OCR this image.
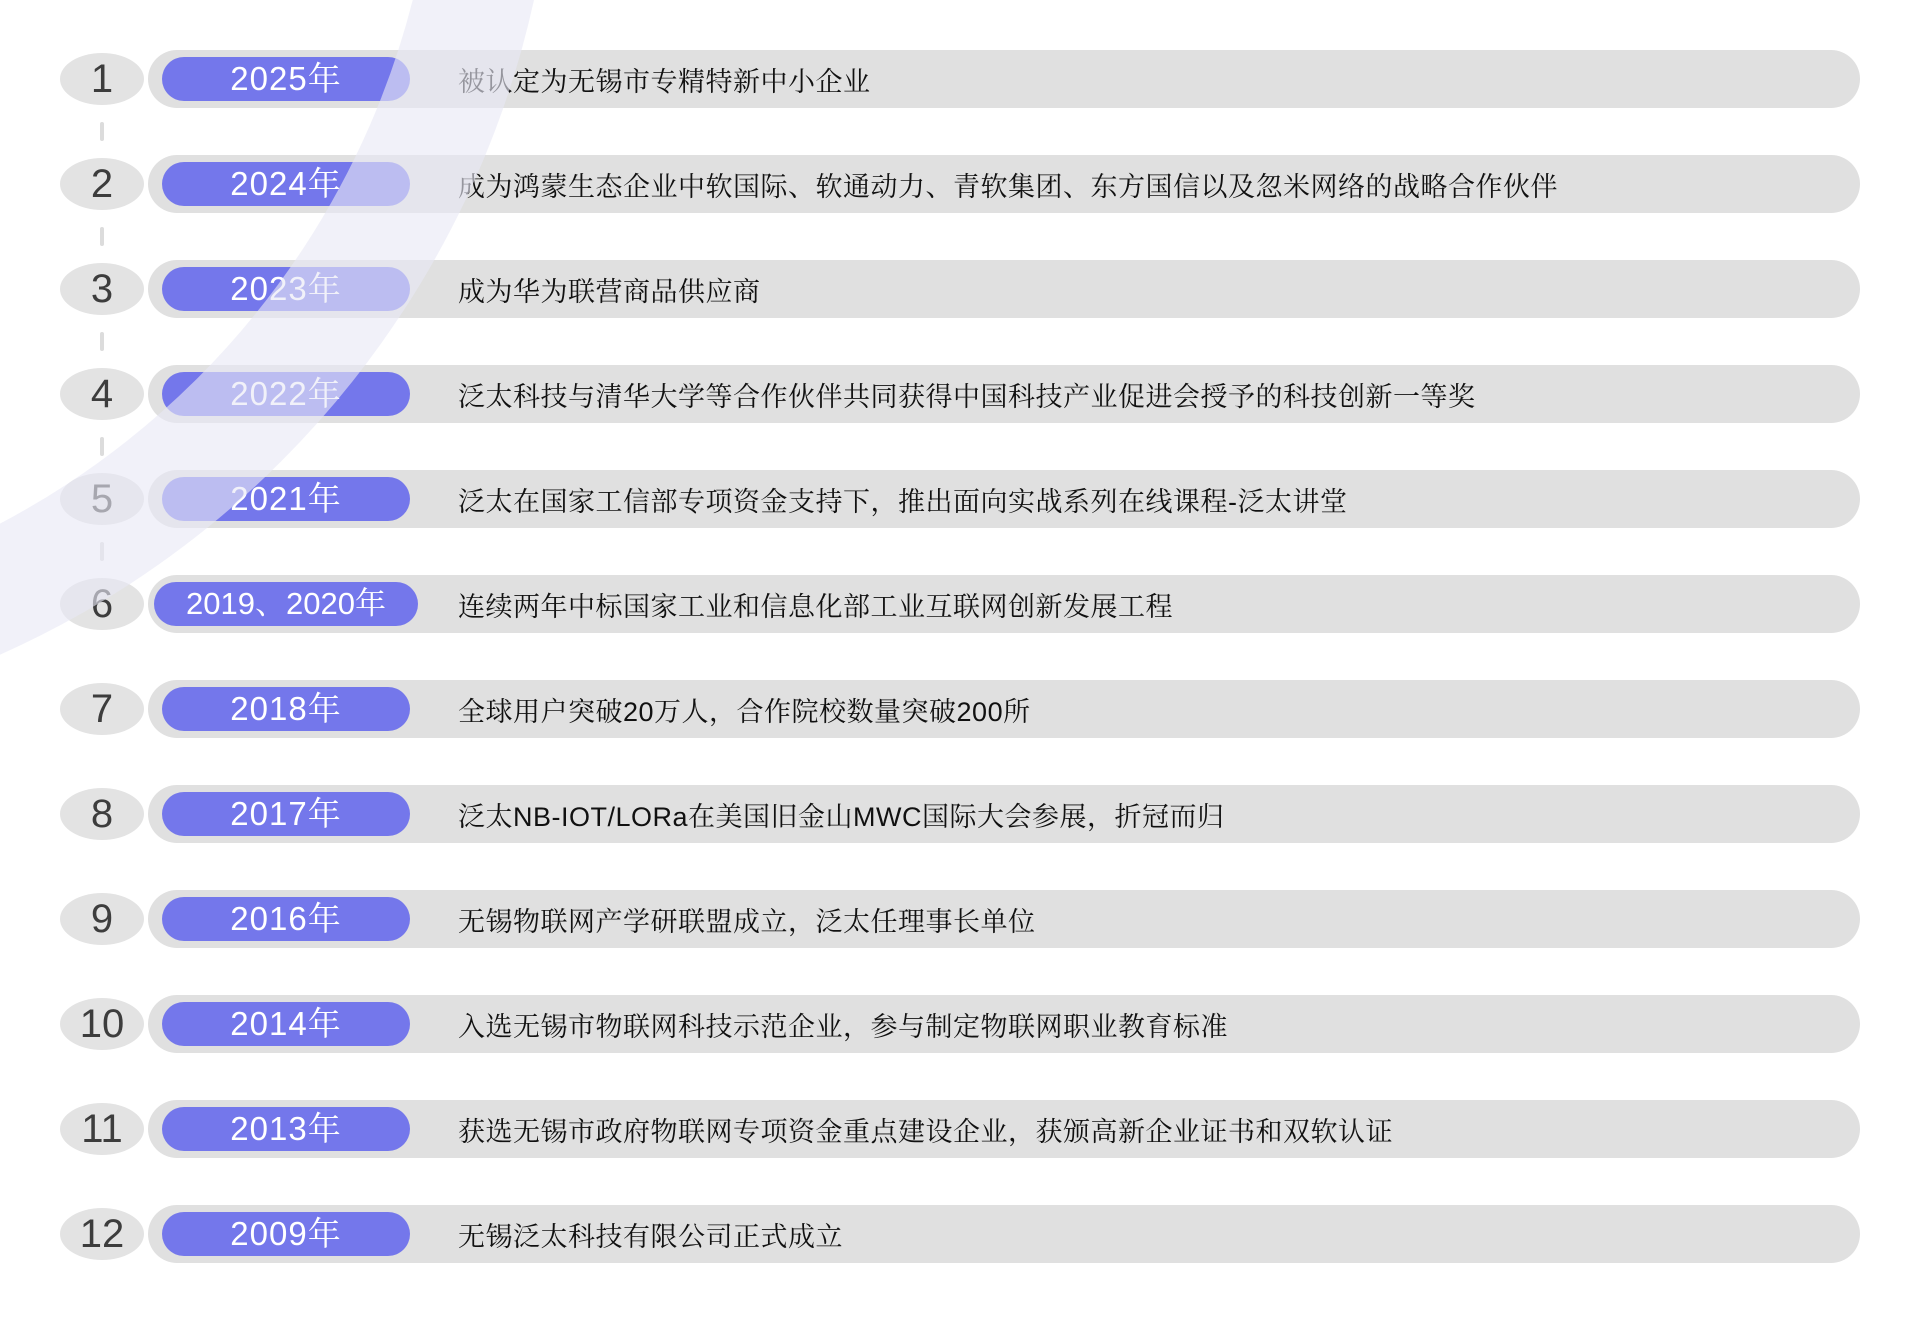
1	2025年	被认定为无锡市专精特新中小企业
2	2024年	成为鸿蒙生态企业中软国际、软通动力、青软集团、东方国信以及忽米网络的战略合作伙伴
3	2023年	成为华为联营商品供应商
4	2022年	泛太科技与清华大学等合作伙伴共同获得中国科技产业促进会授予的科技创新一等奖
5	2021年	泛太在国家工信部专项资金支持下，推出面向实战系列在线课程-泛太讲堂
6	2019、2020年	连续两年中标国家工业和信息化部工业互联网创新发展工程
7	2018年	全球用户突破20万人，合作院校数量突破200所
8	2017年	泛太NB-IOT/LORa在美国旧金山MWC国际大会参展，折冠而归
9	2016年	无锡物联网产学研联盟成立，泛太任理事长单位
10	2014年	入选无锡市物联网科技示范企业，参与制定物联网职业教育标准
11	2013年	获选无锡市政府物联网专项资金重点建设企业，获颁高新企业证书和双软认证
12	2009年	无锡泛太科技有限公司正式成立
